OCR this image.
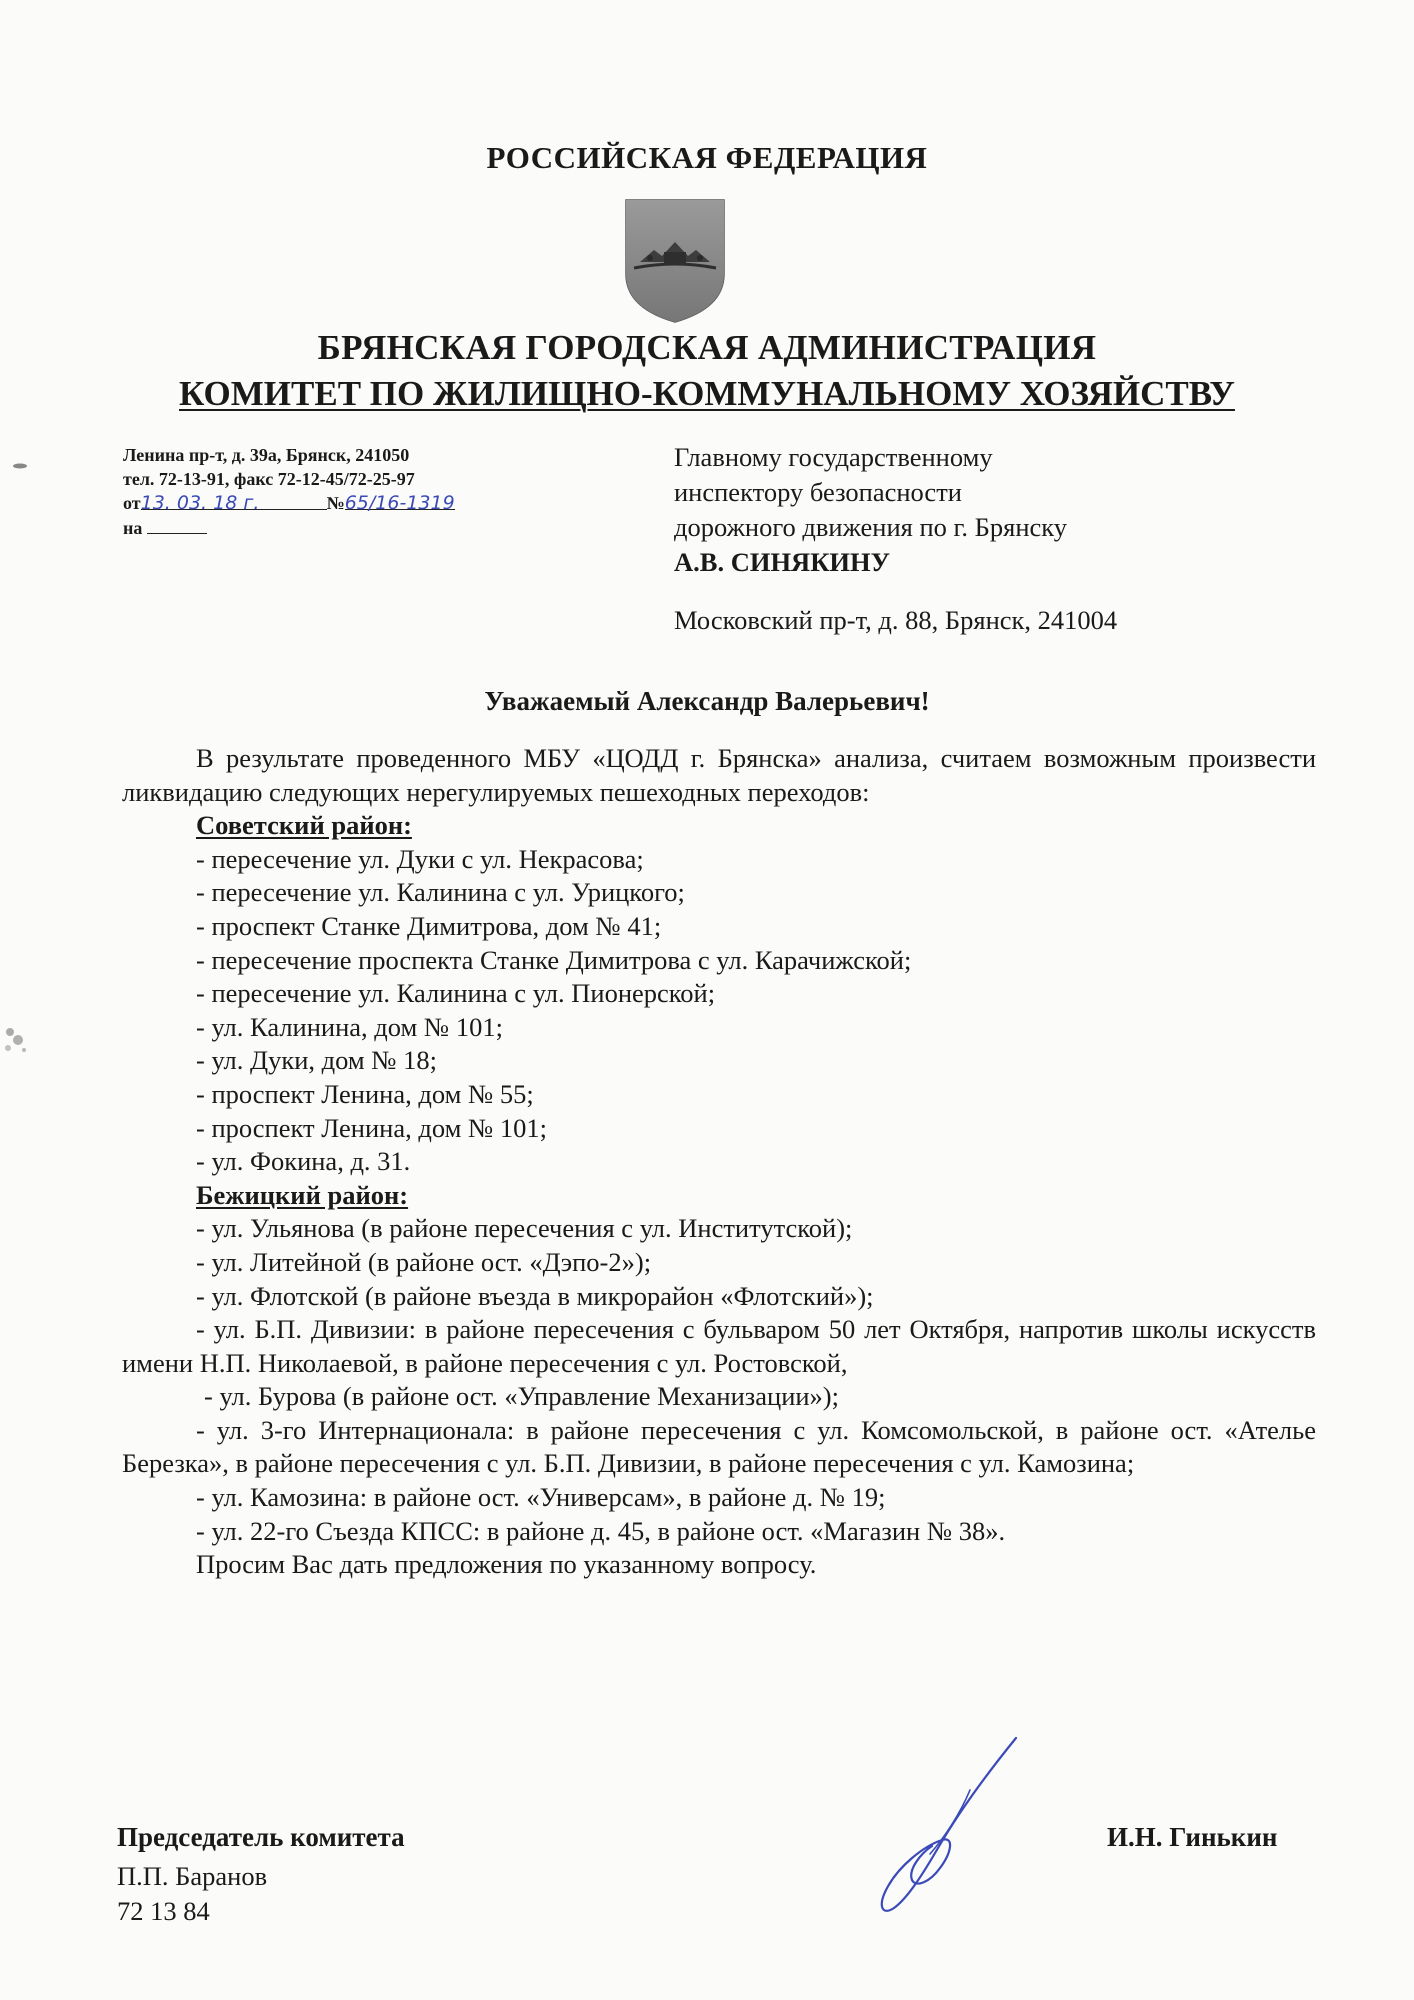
РОССИЙСКАЯ ФЕДЕРАЦИЯ
БРЯНСКАЯ ГОРОДСКАЯ АДМИНИСТРАЦИЯ
КОМИТЕТ ПО ЖИЛИЩНО-КОММУНАЛЬНОМУ ХОЗЯЙСТВУ
Ленина пр-т, д. 39а, Брянск, 241050
тел. 72-13-91, факс 72-12-45/72-25-97
от13. 03. 18 г.	№65/16-1319
на
Главному государственному
инспектору безопасности
дорожного движения по г. Брянску
А.В. СИНЯКИНУ
Московский пр-т, д. 88, Брянск, 241004
Уважаемый Александр Валерьевич!

В результате проведенного МБУ «ЦОДД г. Брянска» анализа, считаем возможным произвести ликвидацию следующих нерегулируемых пешеходных переходов:

Советский район:

- пересечение ул. Дуки с ул. Некрасова;

- пересечение ул. Калинина с ул. Урицкого;

- проспект Станке Димитрова, дом № 41;

- пересечение проспекта Станке Димитрова с ул. Карачижской;

- пересечение ул. Калинина с ул. Пионерской;

- ул. Калинина, дом № 101;

- ул. Дуки, дом № 18;

- проспект Ленина, дом № 55;

- проспект Ленина, дом № 101;

- ул. Фокина, д. 31.

Бежицкий район:

- ул. Ульянова (в районе пересечения с ул. Институтской);

- ул. Литейной (в районе ост. «Дэпо-2»);

- ул. Флотской (в районе въезда в микрорайон «Флотский»);

- ул. Б.П. Дивизии: в районе пересечения с бульваром 50 лет Октября, напротив школы искусств имени Н.П. Николаевой, в районе пересечения с ул. Ростовской,

- ул. Бурова (в районе ост. «Управление Механизации»);

- ул. 3-го Интернационала: в районе пересечения с ул. Комсомольской, в районе ост. «Ателье Березка», в районе пересечения с ул. Б.П. Дивизии, в районе пересечения с ул. Камозина;

- ул. Камозина: в районе ост. «Универсам», в районе д. № 19;

- ул. 22-го Съезда КПСС: в районе д. 45, в районе ост. «Магазин № 38».

Просим Вас дать предложения по указанному вопросу.

Председатель комитета	И.Н. Гинькин
П.П. Баранов
72 13 84
